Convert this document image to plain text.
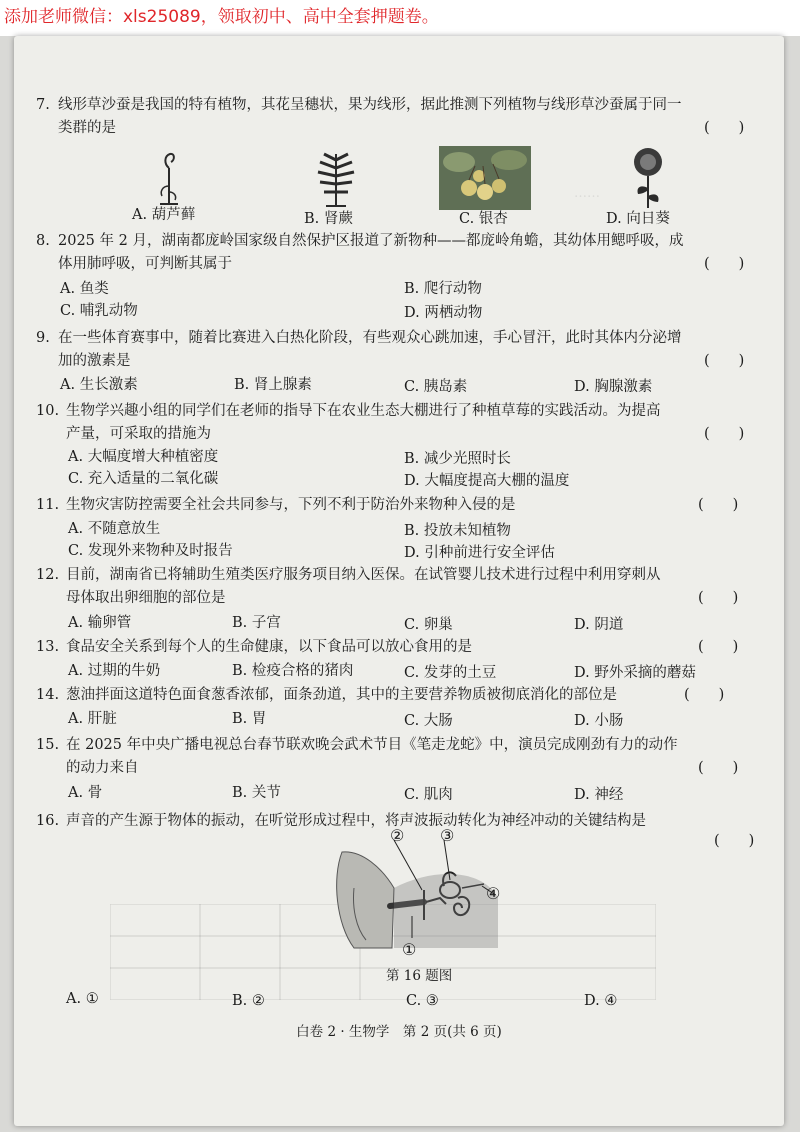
添加老师微信：xls25089，领取初中、高中全套押题卷。
……
7. 线形草沙蚕是我国的特有植物，其花呈穗状，果为线形，据此推测下列植物与线形草沙蚕属于同一
类群的是	(　　)
A. 葫芦藓	B. 肾蕨	C. 银杏	D. 向日葵
8. 2025 年 2 月，湖南都庞岭国家级自然保护区报道了新物种——都庞岭角蟾，其幼体用鳃呼吸，成
体用肺呼吸，可判断其属于	(　　)
A. 鱼类	B. 爬行动物
C. 哺乳动物	D. 两栖动物
9. 在一些体育赛事中，随着比赛进入白热化阶段，有些观众心跳加速，手心冒汗，此时其体内分泌增
加的激素是	(　　)
A. 生长激素	B. 肾上腺素	C. 胰岛素	D. 胸腺激素
10. 生物学兴趣小组的同学们在老师的指导下在农业生态大棚进行了种植草莓的实践活动。为提高
产量，可采取的措施为	(　　)
A. 大幅度增大种植密度	B. 减少光照时长
C. 充入适量的二氧化碳	D. 大幅度提高大棚的温度
11. 生物灾害防控需要全社会共同参与，下列不利于防治外来物种入侵的是	(　　)
A. 不随意放生	B. 投放未知植物
C. 发现外来物种及时报告	D. 引种前进行安全评估
12. 目前，湖南省已将辅助生殖类医疗服务项目纳入医保。在试管婴儿技术进行过程中利用穿刺从
母体取出卵细胞的部位是	(　　)
A. 输卵管	B. 子宫	C. 卵巢	D. 阴道
13. 食品安全关系到每个人的生命健康，以下食品可以放心食用的是	(　　)
A. 过期的牛奶	B. 检疫合格的猪肉	C. 发芽的土豆	D. 野外采摘的蘑菇
14. 葱油拌面这道特色面食葱香浓郁，面条劲道，其中的主要营养物质被彻底消化的部位是	(　　)
A. 肝脏	B. 胃	C. 大肠	D. 小肠
15. 在 2025 年中央广播电视总台春节联欢晚会武术节目《笔走龙蛇》中，演员完成刚劲有力的动作
的动力来自	(　　)
A. 骨	B. 关节	C. 肌肉	D. 神经
16. 声音的产生源于物体的振动，在听觉形成过程中，将声波振动转化为神经冲动的关键结构是
(　　)
② ③
④
①
第 16 题图
A. ①	B. ②	C. ③	D. ④
白卷 2 · 生物学　第 2 页(共 6 页)
